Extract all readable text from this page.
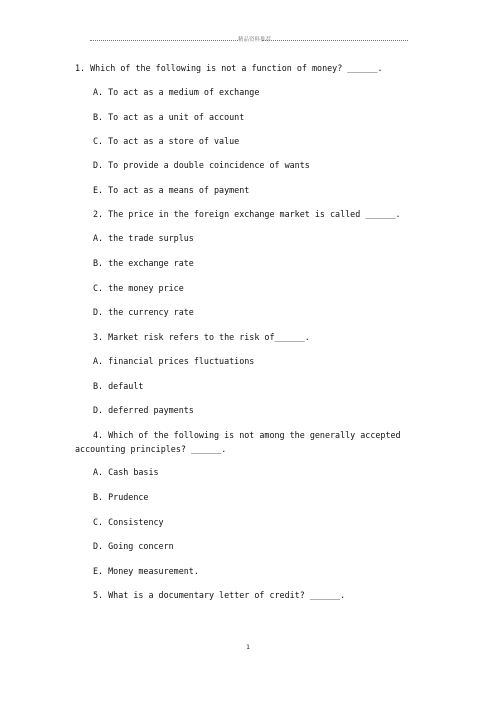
精品资料推荐
1. Which of the following is not a function of money? ______.
A. To act as a medium of exchange
B. To act as a unit of account
C. To act as a store of value
D. To provide a double coincidence of wants
E. To act as a means of payment
2. The price in the foreign exchange market is called ______.
A. the trade surplus
B. the exchange rate
C. the money price
D. the currency rate
3. Market risk refers to the risk of______.
A. financial prices fluctuations
B. default
D. deferred payments
4. Which of the following is not among the generally accepted
accounting principles? ______.
A. Cash basis
B. Prudence
C. Consistency
D. Going concern
E. Money measurement.
5. What is a documentary letter of credit? ______.
1
